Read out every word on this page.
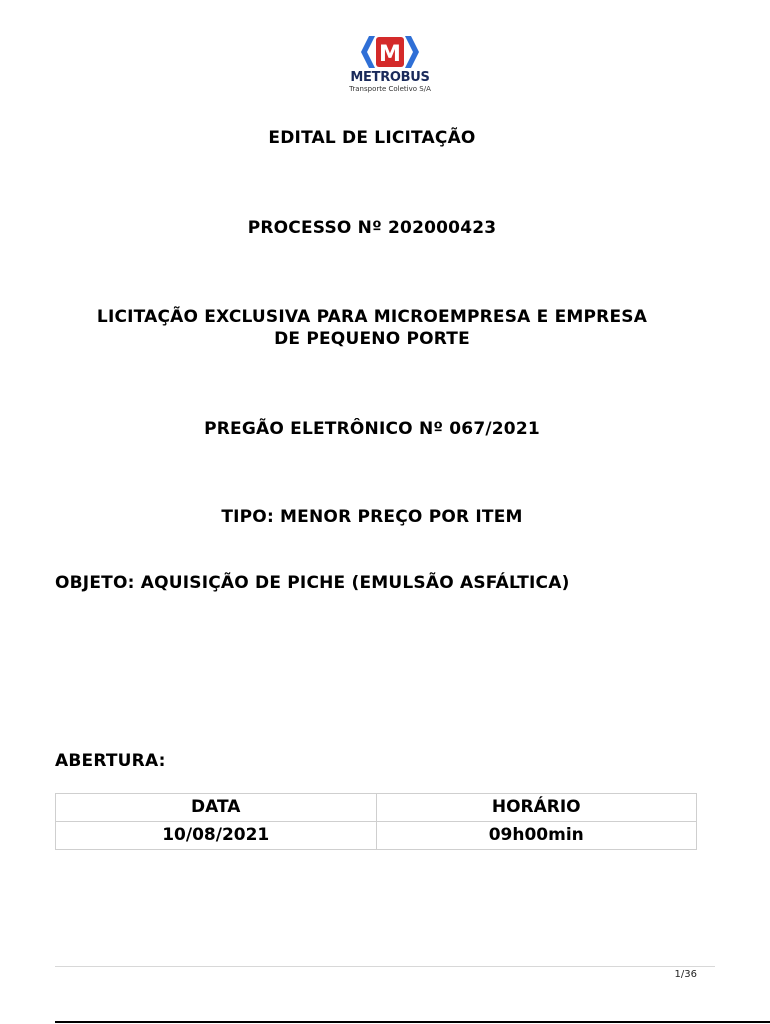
M
METROBUS
Transporte Coletivo S/A
EDITAL DE LICITAÇÃO
PROCESSO Nº 202000423
LICITAÇÃO EXCLUSIVA PARA MICROEMPRESA E EMPRESA
DE PEQUENO PORTE
PREGÃO ELETRÔNICO Nº 067/2021
TIPO: MENOR PREÇO POR ITEM
OBJETO: AQUISIÇÃO DE PICHE (EMULSÃO ASFÁLTICA)
ABERTURA:
DATA	HORÁRIO
10/08/2021	09h00min
1/36
